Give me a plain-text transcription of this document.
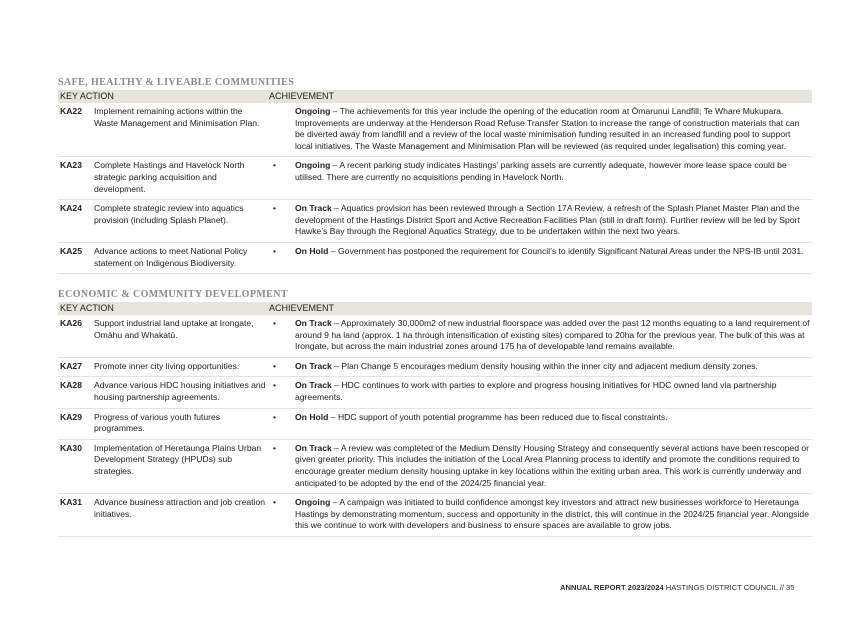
SAFE, HEALTHY & LIVEABLE COMMUNITIES
KEY ACTION	ACHIEVEMENT
KA22	Implement remaining actions within the Waste Management and Minimisation Plan.
Ongoing – The achievements for this year include the opening of the education room at Ōmarunui Landfill; Te Whare Mukupara. Improvements are underway at the Henderson Road Refuse Transfer Station to increase the range of construction materials that can be diverted away from landfill and a review of the local waste minimisation funding resulted in an increased funding pool to support local initiatives. The Waste Management and Minimisation Plan will be reviewed (as required under legalisation) this coming year.
KA23	Complete Hastings and Havelock North strategic parking acquisition and development.
•	Ongoing – A recent parking study indicates Hastings’ parking assets are currently adequate, however more lease space could be utilised. There are currently no acquisitions pending in Havelock North.
KA24	Complete strategic review into aquatics provision (including Splash Planet).
•	On Track – Aquatics provision has been reviewed through a Section 17A Review, a refresh of the Splash Planet Master Plan and the development of the Hastings District Sport and Active Recreation Facilities Plan (still in draft form). Further review will be led by Sport Hawke’s Bay through the Regional Aquatics Strategy, due to be undertaken within the next two years.
KA25	Advance actions to meet National Policy statement on Indigenous Biodiversity.
•	On Hold – Government has postponed the requirement for Council’s to identify Significant Natural Areas under the NPS-IB until 2031.
ECONOMIC & COMMUNITY DEVELOPMENT
KEY ACTION	ACHIEVEMENT
KA26	Support industrial land uptake at Irongate, Omāhu and Whakatū.
•	On Track – Approximately 30,000m2 of new industrial floorspace was added over the past 12 months equating to a land requirement of around 9 ha land (approx. 1 ha through intensification of existing sites) compared to 20ha for the previous year. The bulk of this was at Irongate, but across the main industrial zones around 175 ha of developable land remains available.
KA27	Promote inner city living opportunities.	•	On Track – Plan Change 5 encourages medium density housing within the inner city and adjacent medium density zones.
KA28	Advance various HDC housing initiatives and housing partnership agreements.
•	On Track – HDC continues to work with parties to explore and progress housing initiatives for HDC owned land via partnership agreements.
KA29	Progress of various youth futures programmes.
•	On Hold – HDC support of youth potential programme has been reduced due to fiscal constraints.
KA30	Implementation of Heretaunga Plains Urban Development Strategy (HPUDs) sub strategies.
•	On Track – A review was completed of the Medium Density Housing Strategy and consequently several actions have been rescoped or given greater priority. This includes the initiation of the Local Area Planning process to identify and promote the conditions required to encourage greater medium density housing uptake in key locations within the exiting urban area. This work is currently underway and anticipated to be adopted by the end of the 2024/25 financial year.
KA31	Advance business attraction and job creation initiatives.
•	Ongoing – A campaign was initiated to build confidence amongst key investors and attract new businesses workforce to Heretaunga Hastings by demonstrating momentum, success and opportunity in the district, this will continue in the 2024/25 financial year. Alongside this we continue to work with developers and business to ensure spaces are available to grow jobs.
ANNUAL REPORT 2023/2024 HASTINGS DISTRICT COUNCIL // 35
